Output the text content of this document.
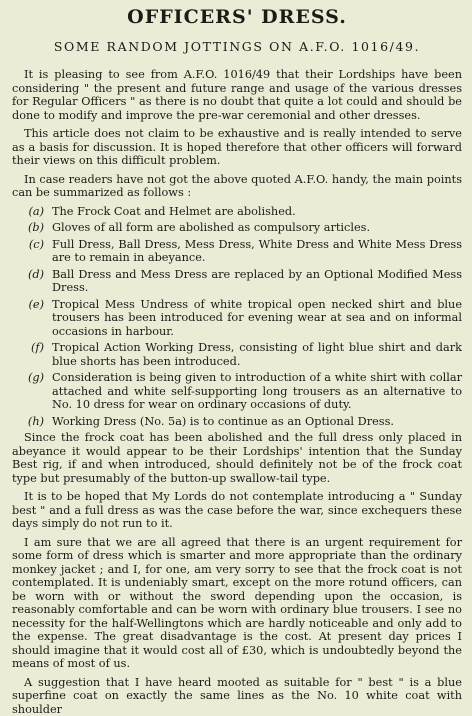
OFFICERS' DRESS.
SOME RANDOM JOTTINGS ON A.F.O. 1016/49.

It is pleasing to see from A.F.O. 1016/49 that their Lordships have been considering " the present and future range and usage of the various dresses for Regular Officers " as there is no doubt that quite a lot could and should be done to modify and improve the pre-war ceremonial and other dresses.

This article does not claim to be exhaustive and is really intended to serve as a basis for discussion. It is hoped therefore that other officers will forward their views on this difficult problem.

In case readers have not got the above quoted A.F.O. handy, the main points can be summarized as follows :

(a) The Frock Coat and Helmet are abolished.
(b) Gloves of all form are abolished as compulsory articles.
(c) Full Dress, Ball Dress, Mess Dress, White Dress and White Mess Dress are to remain in abeyance.
(d) Ball Dress and Mess Dress are replaced by an Optional Modified Mess Dress.
(e) Tropical Mess Undress of white tropical open necked shirt and blue trousers has been introduced for evening wear at sea and on informal occasions in harbour.
(f) Tropical Action Working Dress, consisting of light blue shirt and dark blue shorts has been introduced.
(g) Consideration is being given to introduction of a white shirt with collar attached and white self-supporting long trousers as an alternative to No. 10 dress for wear on ordinary occasions of duty.
(h) Working Dress (No. 5a) is to continue as an Optional Dress.

Since the frock coat has been abolished and the full dress only placed in abeyance it would appear to be their Lordships' intention that the Sunday Best rig, if and when introduced, should definitely not be of the frock coat type but presumably of the button-up swallow-tail type.

It is to be hoped that My Lords do not contemplate introducing a " Sunday best " and a full dress as was the case before the war, since exchequers these days simply do not run to it.

I am sure that we are all agreed that there is an urgent requirement for some form of dress which is smarter and more appropriate than the ordinary monkey jacket ; and I, for one, am very sorry to see that the frock coat is not contemplated. It is undeniably smart, except on the more rotund officers, can be worn with or without the sword depending upon the occasion, is reasonably comfortable and can be worn with ordinary blue trousers. I see no necessity for the half-Wellingtons which are hardly noticeable and only add to the expense. The great disadvantage is the cost. At present day prices I should imagine that it would cost all of £30, which is undoubtedly beyond the means of most of us.

A suggestion that I have heard mooted as suitable for " best " is a blue superfine coat on exactly the same lines as the No. 10 white coat with shoulder
